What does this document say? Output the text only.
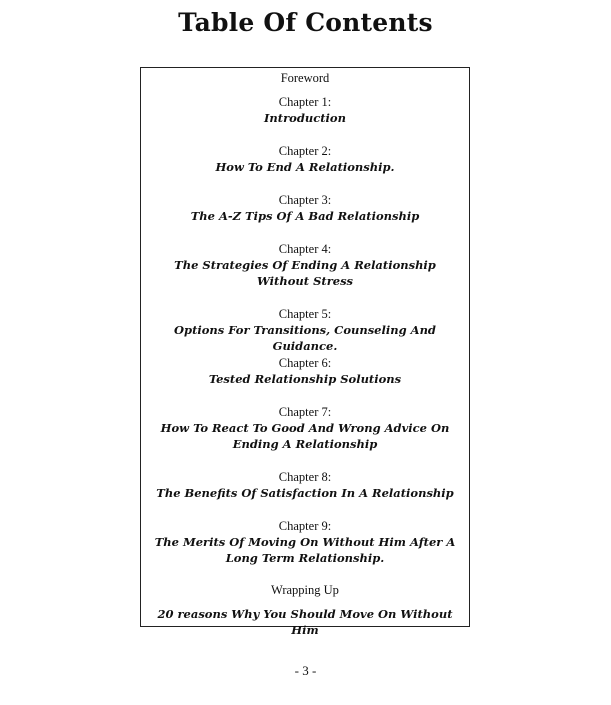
Table Of Contents
Foreword
Chapter 1:
Introduction
Chapter 2:
How To End A Relationship.
Chapter 3:
The A-Z Tips Of A Bad Relationship
Chapter 4:
The Strategies Of Ending A Relationship Without Stress
Chapter 5:
Options For Transitions, Counseling And Guidance.
Chapter 6:
Tested Relationship Solutions
Chapter 7:
How To React To Good And Wrong Advice On Ending A Relationship
Chapter 8:
The Benefits Of Satisfaction In A Relationship
Chapter 9:
The Merits Of Moving On Without Him After A Long Term Relationship.
Wrapping Up
20 reasons Why You Should Move On Without Him
- 3 -
